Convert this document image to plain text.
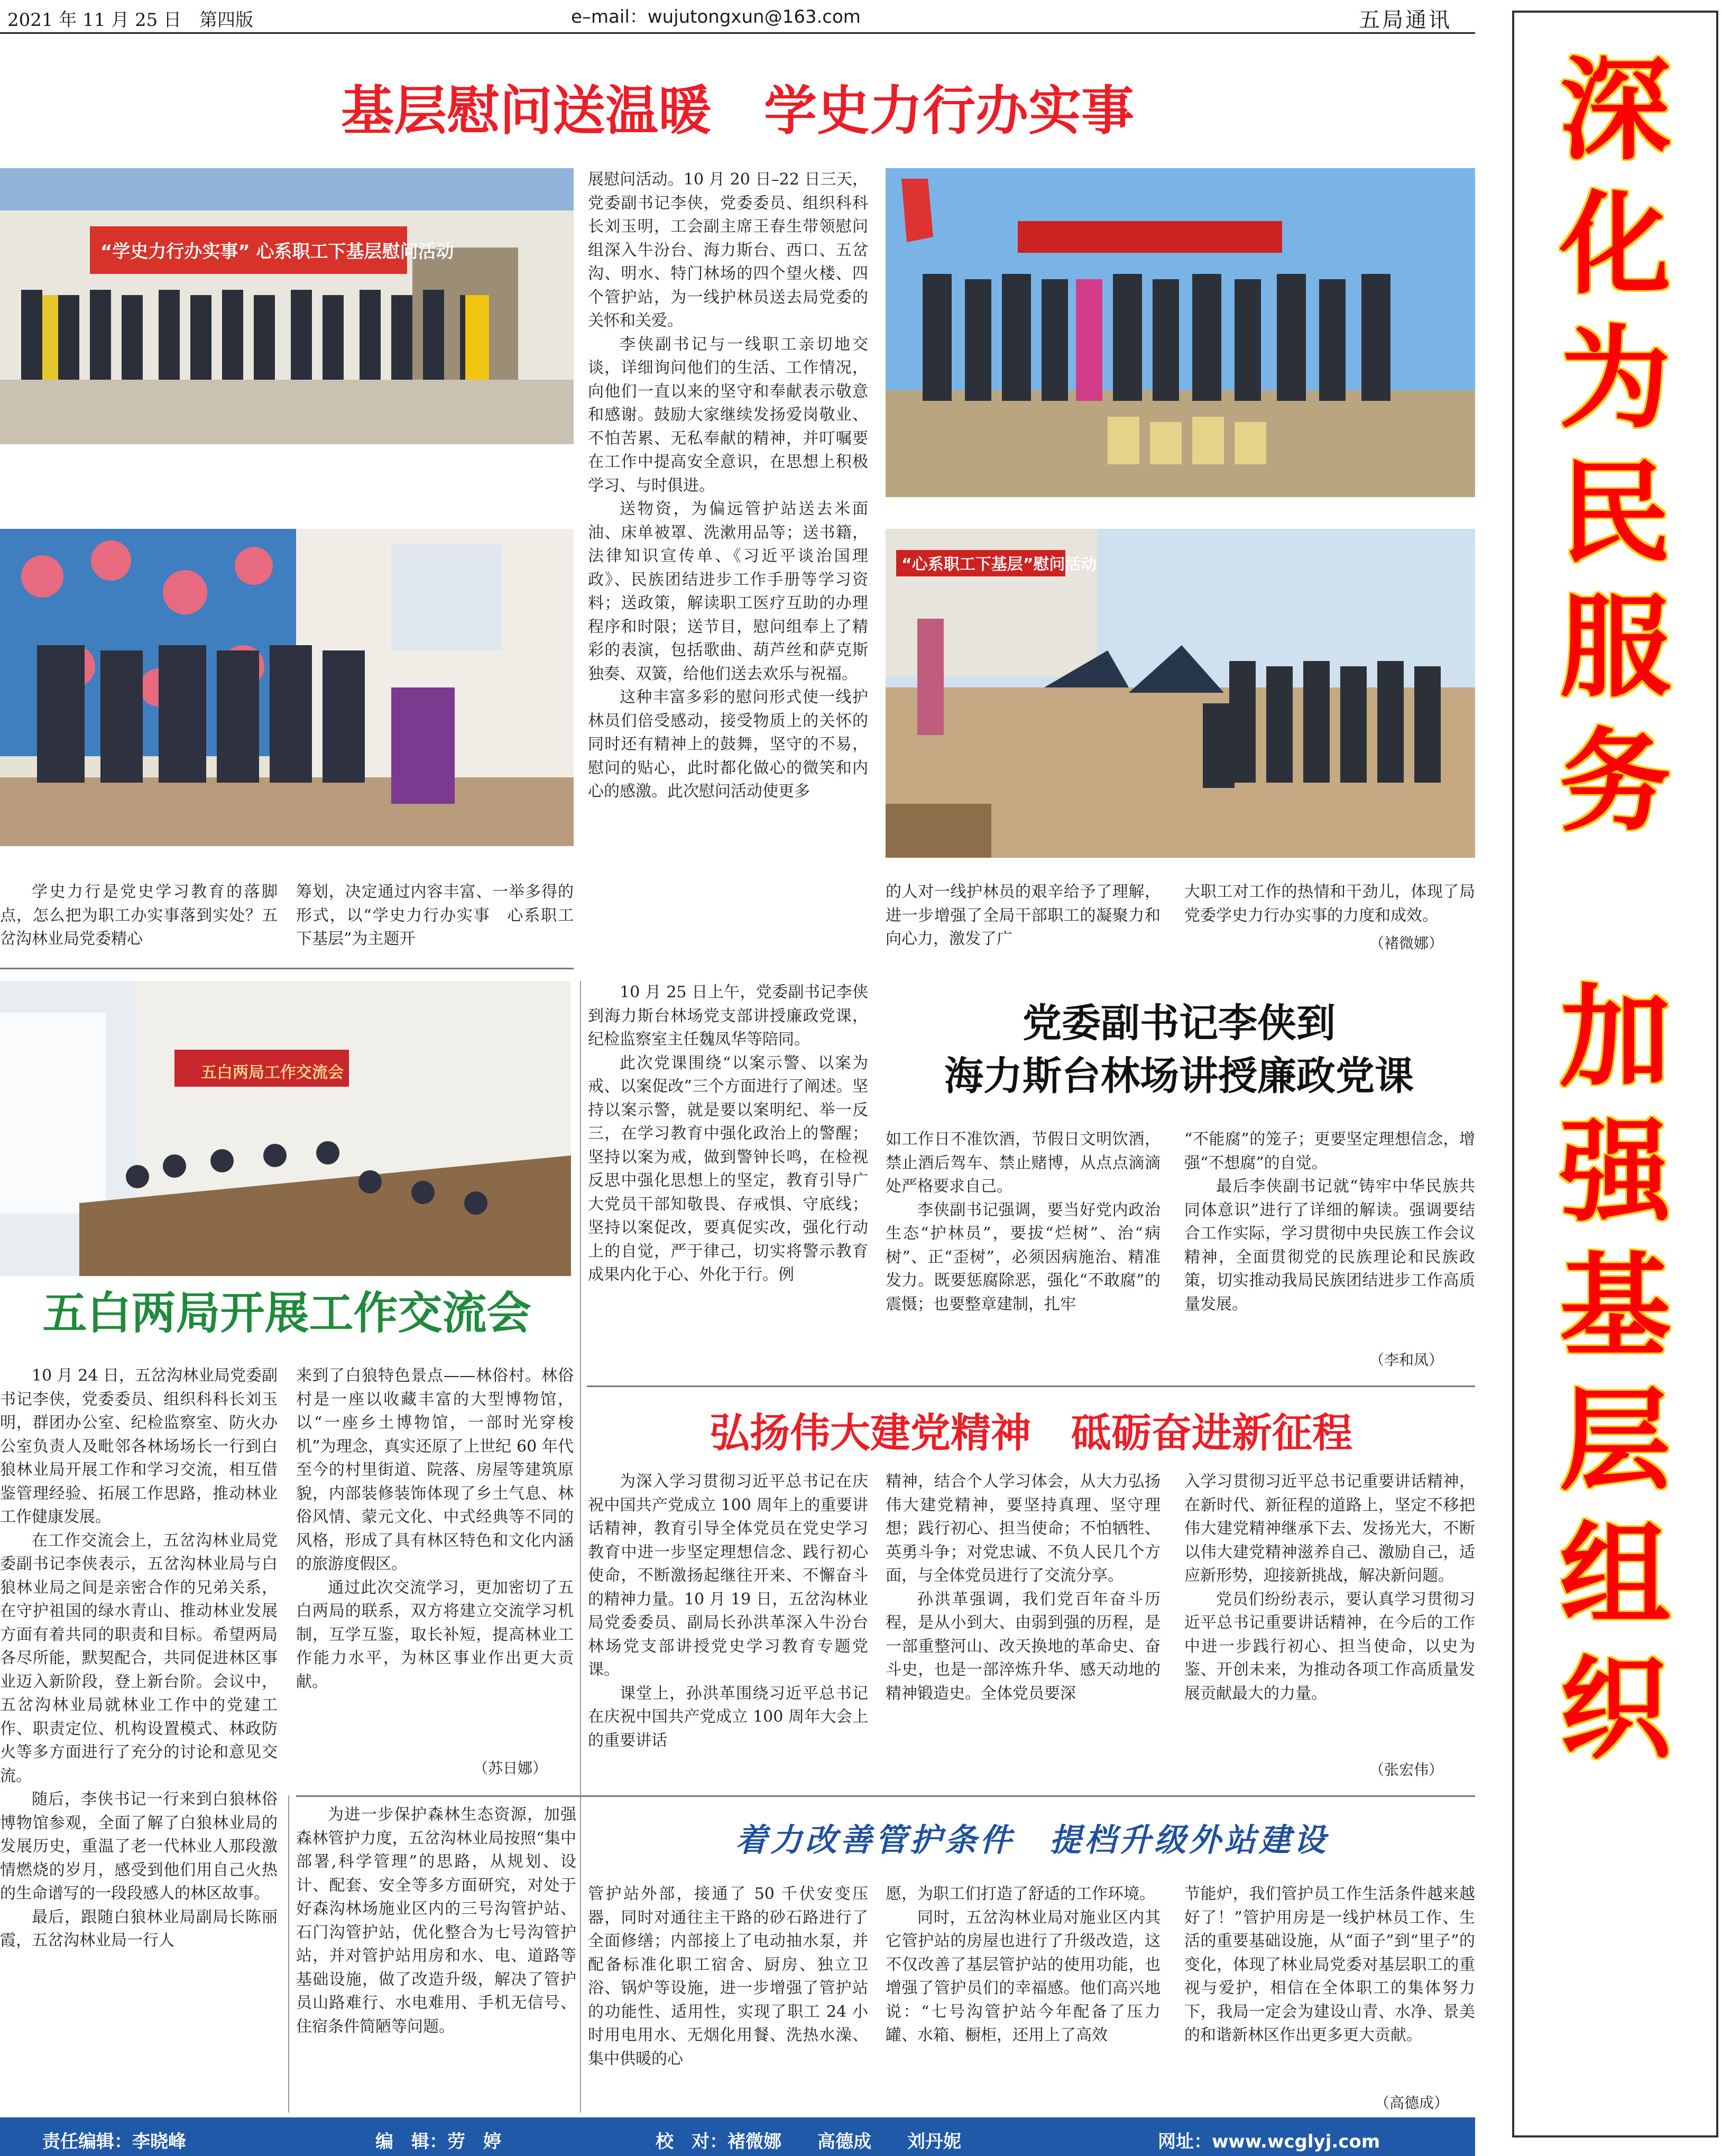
2021 年 11 月 25 日　第四版	e–mail：wujutongxun@163.com	五局通讯
基层慰问送温暖　学史力行办实事
“学史力行办实事” 心系职工下基层慰问活动
“心系职工下基层”慰问活动

展慰问活动。10 月 20 日–22 日三天，党委副书记李侠，党委委员、组织科科长刘玉明，工会副主席王春生带领慰问组深入牛汾台、海力斯台、西口、五岔沟、明水、特门林场的四个望火楼、四个管护站，为一线护林员送去局党委的关怀和关爱。

李侠副书记与一线职工亲切地交谈，详细询问他们的生活、工作情况，向他们一直以来的坚守和奉献表示敬意和感谢。鼓励大家继续发扬爱岗敬业、不怕苦累、无私奉献的精神，并叮嘱要在工作中提高安全意识，在思想上积极学习、与时俱进。

送物资，为偏远管护站送去米面油、床单被罩、洗漱用品等；送书籍，法律知识宣传单、《习近平谈治国理政》、民族团结进步工作手册等学习资料；送政策，解读职工医疗互助的办理程序和时限；送节目，慰问组奉上了精彩的表演，包括歌曲、葫芦丝和萨克斯独奏、双簧，给他们送去欢乐与祝福。

这种丰富多彩的慰问形式使一线护林员们倍受感动，接受物质上的关怀的同时还有精神上的鼓舞，坚守的不易，慰问的贴心，此时都化做心的微笑和内心的感激。此次慰问活动使更多

学史力行是党史学习教育的落脚点，怎么把为职工办实事落到实处？五岔沟林业局党委精心

筹划，决定通过内容丰富、一举多得的形式，以“学史力行办实事　心系职工下基层”为主题开

的人对一线护林员的艰辛给予了理解，进一步增强了全局干部职工的凝聚力和向心力，激发了广

大职工对工作的热情和干劲儿，体现了局党委学史力行办实事的力度和成效。

（褚微娜）
五白两局工作交流会
五白两局开展工作交流会

10 月 24 日，五岔沟林业局党委副书记李侠，党委委员、组织科科长刘玉明，群团办公室、纪检监察室、防火办公室负责人及毗邻各林场场长一行到白狼林业局开展工作和学习交流，相互借鉴管理经验、拓展工作思路，推动林业工作健康发展。

在工作交流会上，五岔沟林业局党委副书记李侠表示，五岔沟林业局与白狼林业局之间是亲密合作的兄弟关系，在守护祖国的绿水青山、推动林业发展方面有着共同的职责和目标。希望两局各尽所能，默契配合，共同促进林区事业迈入新阶段，登上新台阶。会议中，五岔沟林业局就林业工作中的党建工作、职责定位、机构设置模式、林政防火等多方面进行了充分的讨论和意见交流。

随后，李侠书记一行来到白狼林俗博物馆参观，全面了解了白狼林业局的发展历史，重温了老一代林业人那段激情燃烧的岁月，感受到他们用自己火热的生命谱写的一段段感人的林区故事。

最后，跟随白狼林业局副局长陈丽霞，五岔沟林业局一行人

来到了白狼特色景点——林俗村。林俗村是一座以收藏丰富的大型博物馆，以“一座乡土博物馆，一部时光穿梭机”为理念，真实还原了上世纪 60 年代至今的村里街道、院落、房屋等建筑原貌，内部装修装饰体现了乡土气息、林俗风情、蒙元文化、中式经典等不同的风格，形成了具有林区特色和文化内涵的旅游度假区。

通过此次交流学习，更加密切了五白两局的联系，双方将建立交流学习机制，互学互鉴，取长补短，提高林业工作能力水平，为林区事业作出更大贡献。

（苏日娜）
党委副书记李侠到
海力斯台林场讲授廉政党课

10 月 25 日上午，党委副书记李侠到海力斯台林场党支部讲授廉政党课，纪检监察室主任魏凤华等陪同。

此次党课围绕“以案示警、以案为戒、以案促改”三个方面进行了阐述。坚持以案示警，就是要以案明纪、举一反三，在学习教育中强化政治上的警醒；坚持以案为戒，做到警钟长鸣，在检视反思中强化思想上的坚定，教育引导广大党员干部知敬畏、存戒惧、守底线；坚持以案促改，要真促实改，强化行动上的自觉，严于律己，切实将警示教育成果内化于心、外化于行。例

如工作日不准饮酒，节假日文明饮酒，禁止酒后驾车、禁止赌博，从点点滴滴处严格要求自己。

李侠副书记强调，要当好党内政治生态“护林员”，要拔“烂树”、治“病树”、正“歪树”，必须因病施治、精准发力。既要惩腐除恶，强化“不敢腐”的震慑；也要整章建制，扎牢

“不能腐”的笼子；更要坚定理想信念，增强“不想腐”的自觉。

最后李侠副书记就“铸牢中华民族共同体意识”进行了详细的解读。强调要结合工作实际，学习贯彻中央民族工作会议精神，全面贯彻党的民族理论和民族政策，切实推动我局民族团结进步工作高质量发展。

（李和凤）
弘扬伟大建党精神　砥砺奋进新征程

为深入学习贯彻习近平总书记在庆祝中国共产党成立 100 周年上的重要讲话精神，教育引导全体党员在党史学习教育中进一步坚定理想信念、践行初心使命，不断激扬起继往开来、不懈奋斗的精神力量。10 月 19 日，五岔沟林业局党委委员、副局长孙洪革深入牛汾台林场党支部讲授党史学习教育专题党课。

课堂上，孙洪革围绕习近平总书记在庆祝中国共产党成立 100 周年大会上的重要讲话

精神，结合个人学习体会，从大力弘扬伟大建党精神，要坚持真理、坚守理想；践行初心、担当使命；不怕牺牲、英勇斗争；对党忠诚、不负人民几个方面，与全体党员进行了交流分享。

孙洪革强调，我们党百年奋斗历程，是从小到大、由弱到强的历程，是一部重整河山、改天换地的革命史、奋斗史，也是一部淬炼升华、感天动地的精神锻造史。全体党员要深

入学习贯彻习近平总书记重要讲话精神，在新时代、新征程的道路上，坚定不移把伟大建党精神继承下去、发扬光大，不断以伟大建党精神滋养自己、激励自己，适应新形势，迎接新挑战，解决新问题。

党员们纷纷表示，要认真学习贯彻习近平总书记重要讲话精神，在今后的工作中进一步践行初心、担当使命，以史为鉴、开创未来，为推动各项工作高质量发展贡献最大的力量。

（张宏伟）

为进一步保护森林生态资源，加强森林管护力度，五岔沟林业局按照“集中部署,科学管理”的思路，从规划、设计、配套、安全等多方面研究，对处于好森沟林场施业区内的三号沟管护站、石门沟管护站，优化整合为七号沟管护站，并对管护站用房和水、电、道路等基础设施，做了改造升级，解决了管护员山路难行、水电难用、手机无信号、住宿条件简陋等问题。

着力改善管护条件　提档升级外站建设

管护站外部，接通了 50 千伏安变压器，同时对通往主干路的砂石路进行了全面修缮；内部接上了电动抽水泵，并配备标准化职工宿舍、厨房、独立卫浴、锅炉等设施，进一步增强了管护站的功能性、适用性，实现了职工 24 小时用电用水、无烟化用餐、洗热水澡、集中供暖的心

愿，为职工们打造了舒适的工作环境。

同时，五岔沟林业局对施业区内其它管护站的房屋也进行了升级改造，这不仅改善了基层管护站的使用功能，也增强了管护员们的幸福感。他们高兴地说：“七号沟管护站今年配备了压力罐、水箱、橱柜，还用上了高效

节能炉，我们管护员工作生活条件越来越好了！”管护用房是一线护林员工作、生活的重要基础设施，从“面子”到“里子”的变化，体现了林业局党委对基层职工的重视与爱护，相信在全体职工的集体努力下，我局一定会为建设山青、水净、景美的和谐新林区作出更多更大贡献。

（高德成）
深
化
为
民
服
务
加
强
基
层
组
织
责任编辑：李晓峰	编　辑：劳　婷	校　对：褚微娜　　高德成　　刘丹妮	网址：www.wcglyj.com
